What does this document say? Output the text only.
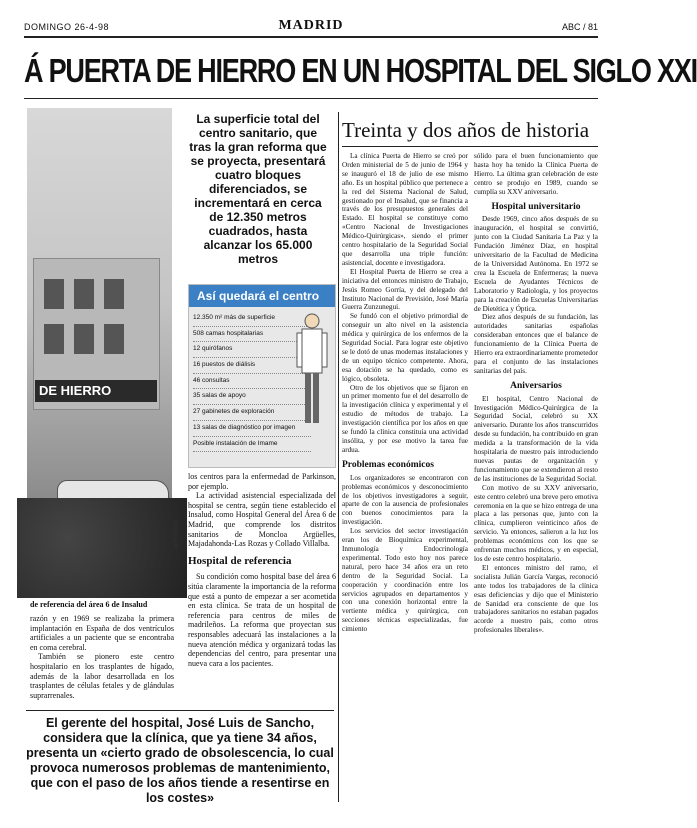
DOMINGO 26-4-98	MADRID	ABC / 81
Á PUERTA DE HIERRO EN UN HOSPITAL DEL SIGLO XXI
DE HIERRO
Jaime García
de referencia del área 6 de Insalud
La superficie total del centro sanitario, que tras la gran reforma que se proyecta, presentará cuatro bloques diferenciados, se incrementará en cerca de 12.350 metros cuadrados, hasta alcanzar los 65.000 metros
Así quedará el centro
12.350 m² más de superficie
508 camas hospitalarias
12 quirófanos
16 puestos de diálisis
46 consultas
35 salas de apoyo
27 gabinetes de exploración
13 salas de diagnóstico por imagen
Posible instalación de Imame

los centros para la enfermedad de Parkinson, por ejemplo.

La actividad asistencial especializada del hospital se centra, según tiene establecido el Insalud, como Hospital General del Área 6 de Madrid, que comprende los distritos sanitarios de Moncloa Argüelles, Majadahonda-Las Rozas y Collado Villalba.

Hospital de referencia

Su condición como hospital base del área 6 sitúa claramente la importancia de la reforma que está a punto de empezar a ser acometida en esta clínica. Se trata de un hospital de referencia para centros de miles de madrileños. La reforma que proyectan sus responsables adecuará las instalaciones a la nueva atención médica y organizará todas las dependencias del centro, para presentar una nueva cara a los pacientes.

razón y en 1969 se realizaba la primera implantación en España de dos ventrículos artificiales a un paciente que se encontraba en coma cerebral.

También se pionero este centro hospitalario en los trasplantes de hígado, además de la labor desarrollada en los trasplantes de células fetales y de glándulas suprarrenales.

El gerente del hospital, José Luis de Sancho, considera que la clínica, que ya tiene 34 años, presenta un «cierto grado de obsolescencia, lo cual provoca numerosos problemas de mantenimiento, que con el paso de los años tiende a resentirse en los costes»
Treinta y dos años de historia

La clínica Puerta de Hierro se creó por Orden ministerial de 5 de junio de 1964 y se inauguró el 18 de julio de ese mismo año. Es un hospital público que pertenece a la red del Sistema Nacional de Salud, gestionado por el Insalud, que se financia a través de los presupuestos generales del Estado. El hospital se constituye como «Centro Nacional de Investigaciones Médico-Quirúrgicas», siendo el primer centro hospitalario de la Seguridad Social que desarrolla una triple función: asistencial, docente e investigadora.

El Hospital Puerta de Hierro se crea a iniciativa del entonces ministro de Trabajo, Jesús Romeo Gorría, y del delegado del Instituto Nacional de Previsión, José María Guerra Zunzunegui.

Se fundó con el objetivo primordial de conseguir un alto nivel en la asistencia médica y quirúrgica de los enfermos de la Seguridad Social. Para lograr este objetivo se le dotó de unas modernas instalaciones y de un equipo técnico competente. Ahora, esa dotación se ha quedado, como es lógico, obsoleta.

Otro de los objetivos que se fijaron en un primer momento fue el del desarrollo de la investigación clínica y experimental y el estudio de métodos de trabajo. La investigación científica por los años en que se fundó la clínica constituía una actividad insólita, y por ese motivo la tarea fue ardua.

Problemas económicos

Los organizadores se encontraron con problemas económicos y desconocimiento de los objetivos investigadores a seguir, aparte de con la ausencia de profesionales con buenos conocimientos para la investigación.

Los servicios del sector investigación eran los de Bioquímica experimental, Inmunología y Endocrinología experimental. Todo esto hoy nos parece natural, pero hace 34 años era un reto dentro de la Seguridad Social. La cooperación y coordinación entre los servicios agrupados en departamentos y con una conexión horizontal entre la vertiente médica y quirúrgica, con secciones técnicas especializadas, fue cimiento

sólido para el buen funcionamiento que hasta hoy ha tenido la Clínica Puerta de Hierro. La última gran celebración de este centro se produjo en 1989, cuando se cumplía su XXV aniversario.

Hospital universitario

Desde 1969, cinco años después de su inauguración, el hospital se convirtió, junto con la Ciudad Sanitaria La Paz y la Fundación Jiménez Díaz, en hospital universitario de la Facultad de Medicina de la Universidad Autónoma. En 1972 se crea la Escuela de Enfermeras; la nueva Escuela de Ayudantes Técnicos de Laboratorio y Radiología, y los proyectos para la creación de Escuelas Universitarias de Dietética y Óptica.

Diez años después de su fundación, las autoridades sanitarias españolas consideraban entonces que el balance de funcionamiento de la Clínica Puerta de Hierro era extraordinariamente prometedor para el conjunto de las instalaciones sanitarias del país.

Aniversarios

El hospital, Centro Nacional de Investigación Médico-Quirúrgica de la Seguridad Social, celebró su XX aniversario. Durante los años transcurridos desde su fundación, ha contribuido en gran medida a la transformación de la vida hospitalaria de nuestro país introduciendo nuevas pautas de organización y funcionamiento que se extendieron al resto de las instituciones de la Seguridad Social.

Con motivo de su XXV aniversario, este centro celebró una breve pero emotiva ceremonia en la que se hizo entrega de una placa a las personas que, junto con la clínica, cumplieron veinticinco años de servicio. Ya entonces, salieron a la luz los problemas económicos con los que se enfrentan muchos médicos, y en especial, los de este centro hospitalario.

El entonces ministro del ramo, el socialista Julián García Vargas, reconoció ante todos los trabajadores de la clínica esas deficiencias y dijo que el Ministerio de Sanidad era consciente de que los trabajadores sanitarios no estaban pagados acorde a nuestro país, como otros profesionales liberales».
